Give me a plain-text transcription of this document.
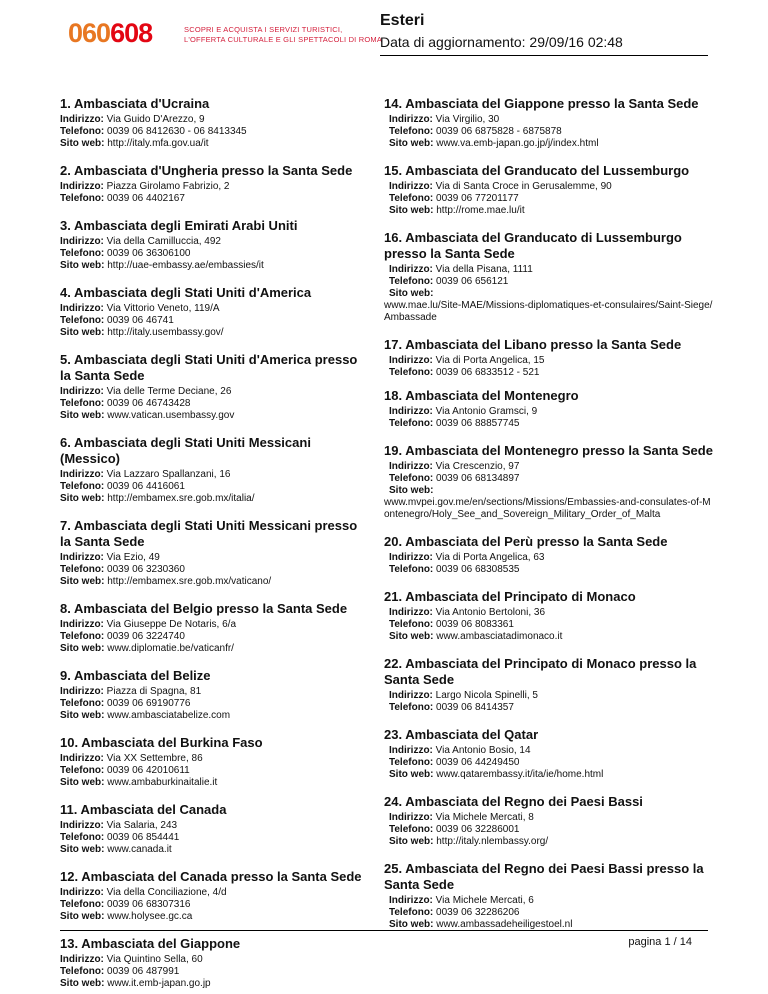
060608	SCOPRI E ACQUISTA I SERVIZI TURISTICI,
L'OFFERTA CULTURALE E GLI SPETTACOLI DI ROMA
Esteri
Data di aggiornamento: 29/09/16 02:48
1. Ambasciata d'Ucraina
Indirizzo: Via Guido D'Arezzo, 9
Telefono: 0039 06 8412630 - 06 8413345
Sito web: http://italy.mfa.gov.ua/it
2. Ambasciata d'Ungheria presso la Santa Sede
Indirizzo: Piazza Girolamo Fabrizio, 2
Telefono: 0039 06 4402167
3. Ambasciata degli Emirati Arabi Uniti
Indirizzo: Via della Camilluccia, 492
Telefono: 0039 06 36306100
Sito web: http://uae-embassy.ae/embassies/it
4. Ambasciata degli Stati Uniti d'America
Indirizzo: Via Vittorio Veneto, 119/A
Telefono: 0039 06 46741
Sito web: http://italy.usembassy.gov/
5. Ambasciata degli Stati Uniti d'America presso la Santa Sede
Indirizzo: Via delle Terme Deciane, 26
Telefono: 0039 06 46743428
Sito web: www.vatican.usembassy.gov
6. Ambasciata degli Stati Uniti Messicani (Messico)
Indirizzo: Via Lazzaro Spallanzani, 16
Telefono: 0039 06 4416061
Sito web: http://embamex.sre.gob.mx/italia/
7. Ambasciata degli Stati Uniti Messicani presso la Santa Sede
Indirizzo: Via Ezio, 49
Telefono: 0039 06 3230360
Sito web: http://embamex.sre.gob.mx/vaticano/
8. Ambasciata del Belgio presso la Santa Sede
Indirizzo: Via Giuseppe De Notaris, 6/a
Telefono: 0039 06 3224740
Sito web: www.diplomatie.be/vaticanfr/
9. Ambasciata del Belize
Indirizzo: Piazza di Spagna, 81
Telefono: 0039 06 69190776
Sito web: www.ambasciatabelize.com
10. Ambasciata del Burkina Faso
Indirizzo: Via XX Settembre, 86
Telefono: 0039 06 42010611
Sito web: www.ambaburkinaitalie.it
11. Ambasciata del Canada
Indirizzo: Via Salaria, 243
Telefono: 0039 06 854441
Sito web: www.canada.it
12. Ambasciata del Canada presso la Santa Sede
Indirizzo: Via della Conciliazione, 4/d
Telefono: 0039 06 68307316
Sito web: www.holysee.gc.ca
13. Ambasciata del Giappone
Indirizzo: Via Quintino Sella, 60
Telefono: 0039 06 487991
Sito web: www.it.emb-japan.go.jp
14. Ambasciata del Giappone presso la Santa Sede
Indirizzo: Via Virgilio, 30
Telefono: 0039 06 6875828 - 6875878
Sito web: www.va.emb-japan.go.jp/j/index.html
15. Ambasciata del Granducato del Lussemburgo
Indirizzo: Via di Santa Croce in Gerusalemme, 90
Telefono: 0039 06 77201177
Sito web: http://rome.mae.lu/it
16. Ambasciata del Granducato di Lussemburgo presso la Santa Sede
Indirizzo: Via della Pisana, 1111
Telefono: 0039 06 656121
Sito web:
www.mae.lu/Site-MAE/Missions-diplomatiques-et-consulaires/Saint-Siege/Ambassade
17. Ambasciata del Libano presso la Santa Sede
Indirizzo: Via di Porta Angelica, 15
Telefono: 0039 06 6833512 - 521
18. Ambasciata del Montenegro
Indirizzo: Via Antonio Gramsci, 9
Telefono: 0039 06 88857745
19. Ambasciata del Montenegro presso la Santa Sede
Indirizzo: Via Crescenzio, 97
Telefono: 0039 06 68134897
Sito web:
www.mvpei.gov.me/en/sections/Missions/Embassies-and-consulates-of-Montenegro/Holy_See_and_Sovereign_Military_Order_of_Malta
20. Ambasciata del Perù presso la Santa Sede
Indirizzo: Via di Porta Angelica, 63
Telefono: 0039 06 68308535
21. Ambasciata del Principato di Monaco
Indirizzo: Via Antonio Bertoloni, 36
Telefono: 0039 06 8083361
Sito web: www.ambasciatadimonaco.it
22. Ambasciata del Principato di Monaco presso la Santa Sede
Indirizzo: Largo Nicola Spinelli, 5
Telefono: 0039 06 8414357
23. Ambasciata del Qatar
Indirizzo: Via Antonio Bosio, 14
Telefono: 0039 06 44249450
Sito web: www.qatarembassy.it/ita/ie/home.html
24. Ambasciata del Regno dei Paesi Bassi
Indirizzo: Via Michele Mercati, 8
Telefono: 0039 06 32286001
Sito web: http://italy.nlembassy.org/
25. Ambasciata del Regno dei Paesi Bassi presso la Santa Sede
Indirizzo: Via Michele Mercati, 6
Telefono: 0039 06 32286206
Sito web: www.ambassadeheiligestoel.nl
pagina 1 / 14
